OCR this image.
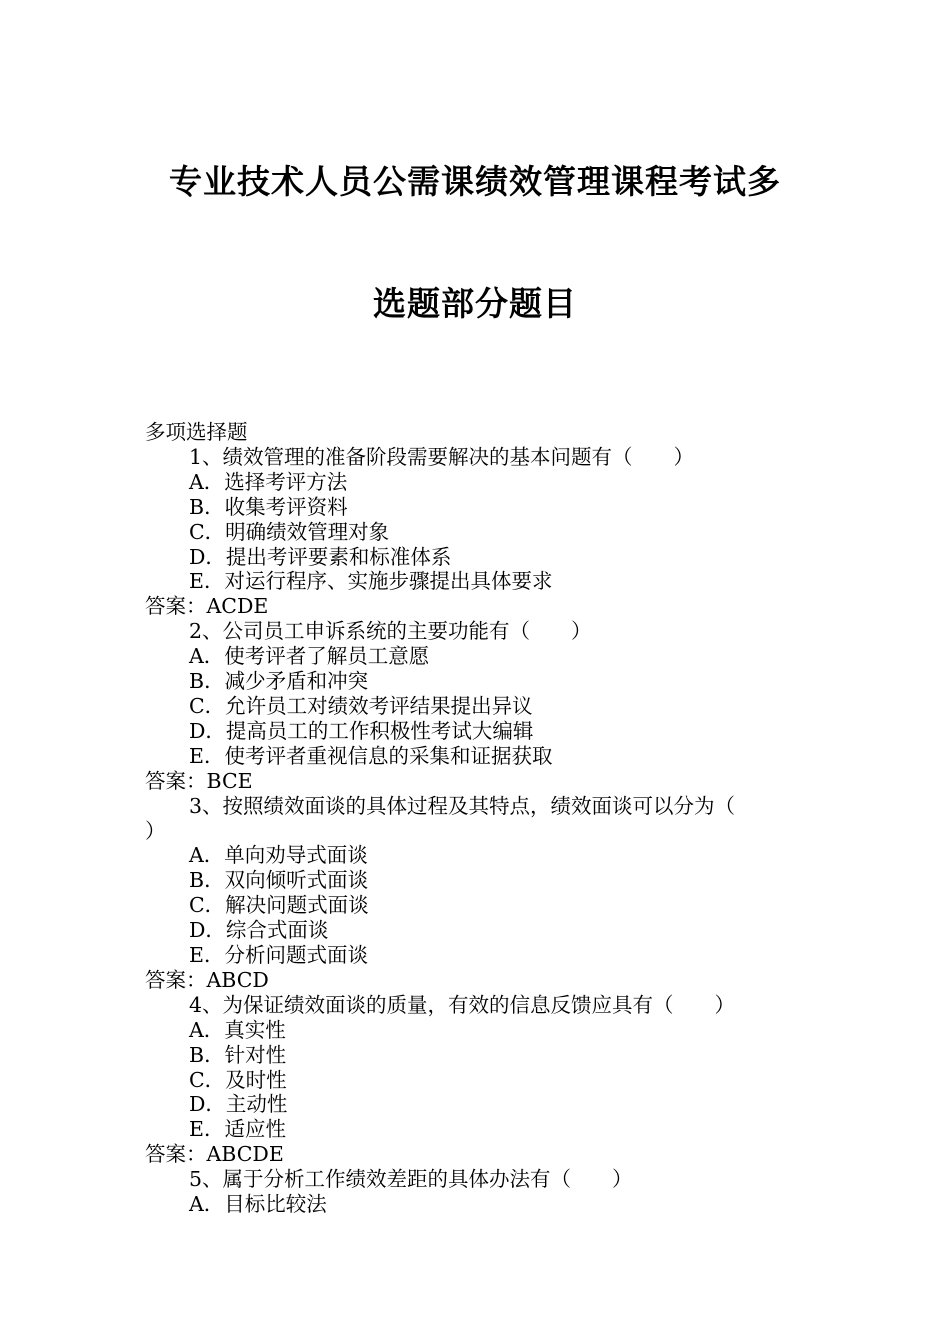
专业技术人员公需课绩效管理课程考试多
选题部分题目
多项选择题
1、绩效管理的准备阶段需要解决的基本问题有（　　）
A．选择考评方法
B．收集考评资料
C．明确绩效管理对象
D．提出考评要素和标准体系
E．对运行程序、实施步骤提出具体要求
答案：ACDE
2、公司员工申诉系统的主要功能有（　　）
A．使考评者了解员工意愿
B．减少矛盾和冲突
C．允许员工对绩效考评结果提出异议
D．提高员工的工作积极性考试大编辑
E．使考评者重视信息的采集和证据获取
答案：BCE
3、按照绩效面谈的具体过程及其特点，绩效面谈可以分为（
）
A．单向劝导式面谈
B．双向倾听式面谈
C．解决问题式面谈
D．综合式面谈
E．分析问题式面谈
答案：ABCD
4、为保证绩效面谈的质量，有效的信息反馈应具有（　　）
A．真实性
B．针对性
C．及时性
D．主动性
E．适应性
答案：ABCDE
5、属于分析工作绩效差距的具体办法有（　　）
A．目标比较法
